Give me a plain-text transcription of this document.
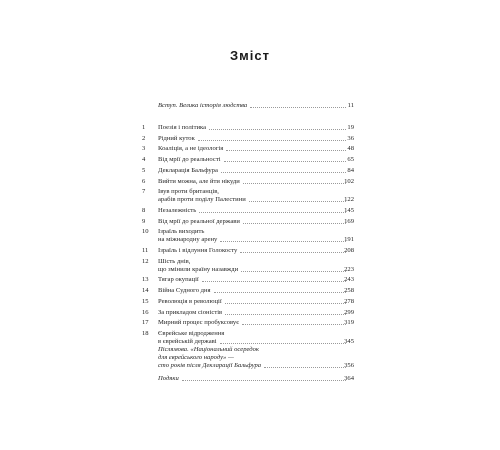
Зміст
Вступ. Велика історія людства	11
1	Поезія і політика	19
2	Рідний куток	36
3	Коаліція, а не ідеологія	48
4	Від мрії до реальності	65
5	Декларація Бальфура	84
6	Вийти можна, але йти нікуди	102
7	Івув проти британців,
арабів проти поділу Палестини	122
8	Незалежність	145
9	Від мрії до реальної держави	169
10	Ізраїль виходить
на міжнародну арену	191
11	Ізраїль і відлуння Голокосту	208
12	Шість днів,
що змінили країну назавжди	223
13	Тягар окупації	243
14	Війна Судного дня	258
15	Революція в революції	278
16	За прикладом сіоністів	299
17	Мирний процес пробуксовує	319
18	Єврейське відродження
в єврейській державі	345
Післямова. «Національний осередок
для єврейського народу» —
сто років після Декларації Бальфура	356
Подяки	364
